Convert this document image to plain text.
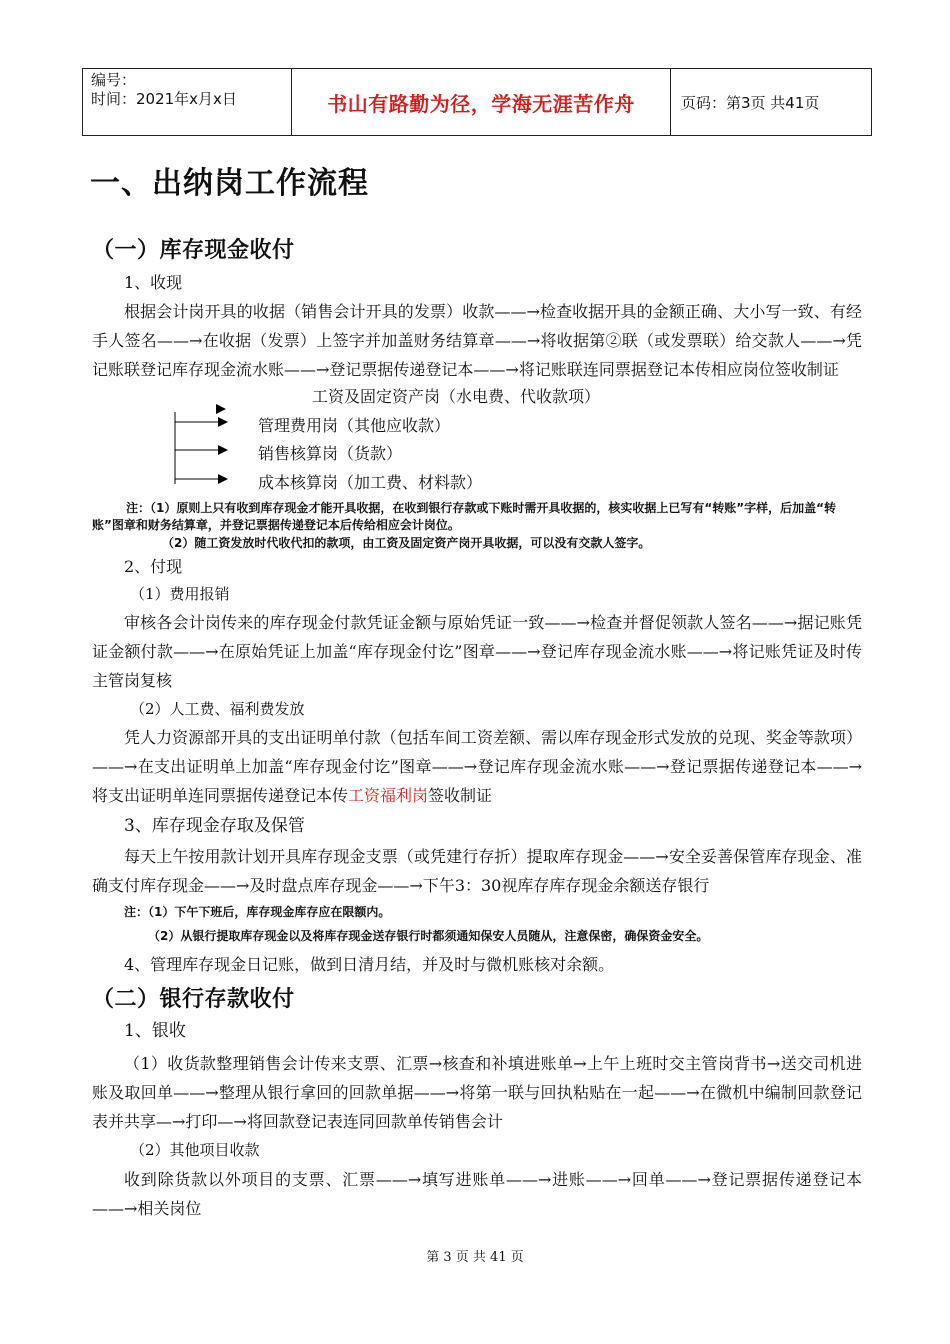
编号：
时间：2021年x月x日	书山有路勤为径，学海无涯苦作舟	页码：第3页 共41页
一、出纳岗工作流程
（一）库存现金收付
1、收现
根据会计岗开具的收据（销售会计开具的发票）收款——→检查收据开具的金额正确、大小写一致、有经手人签名——→在收据（发票）上签字并加盖财务结算章——→将收据第②联（或发票联）给交款人——→凭记账联登记库存现金流水账——→登记票据传递登记本——→将记账联连同票据登记本传相应岗位签收制证
工资及固定资产岗（水电费、代收款项）
管理费用岗（其他应收款）
销售核算岗（货款）
成本核算岗（加工费、材料款）
注：（1）原则上只有收到库存现金才能开具收据，在收到银行存款或下账时需开具收据的，核实收据上已写有“转账”字样，后加盖“转账”图章和财务结算章，并登记票据传递登记本后传给相应会计岗位。
（2）随工资发放时代收代扣的款项，由工资及固定资产岗开具收据，可以没有交款人签字。
2、付现
（1）费用报销
审核各会计岗传来的库存现金付款凭证金额与原始凭证一致——→检查并督促领款人签名——→据记账凭证金额付款——→在原始凭证上加盖“库存现金付讫”图章——→登记库存现金流水账——→将记账凭证及时传主管岗复核
（2）人工费、福利费发放
凭人力资源部开具的支出证明单付款（包括车间工资差额、需以库存现金形式发放的兑现、奖金等款项）——→在支出证明单上加盖“库存现金付讫”图章——→登记库存现金流水账——→登记票据传递登记本——→将支出证明单连同票据传递登记本传工资福利岗签收制证
3、库存现金存取及保管
每天上午按用款计划开具库存现金支票（或凭建行存折）提取库存现金——→安全妥善保管库存现金、准确支付库存现金——→及时盘点库存现金——→下午3：30视库存库存现金余额送存银行
注：（1）下午下班后，库存现金库存应在限额内。
（2）从银行提取库存现金以及将库存现金送存银行时都须通知保安人员随从，注意保密，确保资金安全。
4、管理库存现金日记账，做到日清月结，并及时与微机账核对余额。
（二）银行存款收付
1、银收
（1）收货款整理销售会计传来支票、汇票→核查和补填进账单→上午上班时交主管岗背书→送交司机进账及取回单——→整理从银行拿回的回款单据——→将第一联与回执粘贴在一起——→在微机中编制回款登记表并共享—→打印—→将回款登记表连同回款单传销售会计
（2）其他项目收款
收到除货款以外项目的支票、汇票——→填写进账单——→进账——→回单——→登记票据传递登记本——→相关岗位
第 3 页 共 41 页
